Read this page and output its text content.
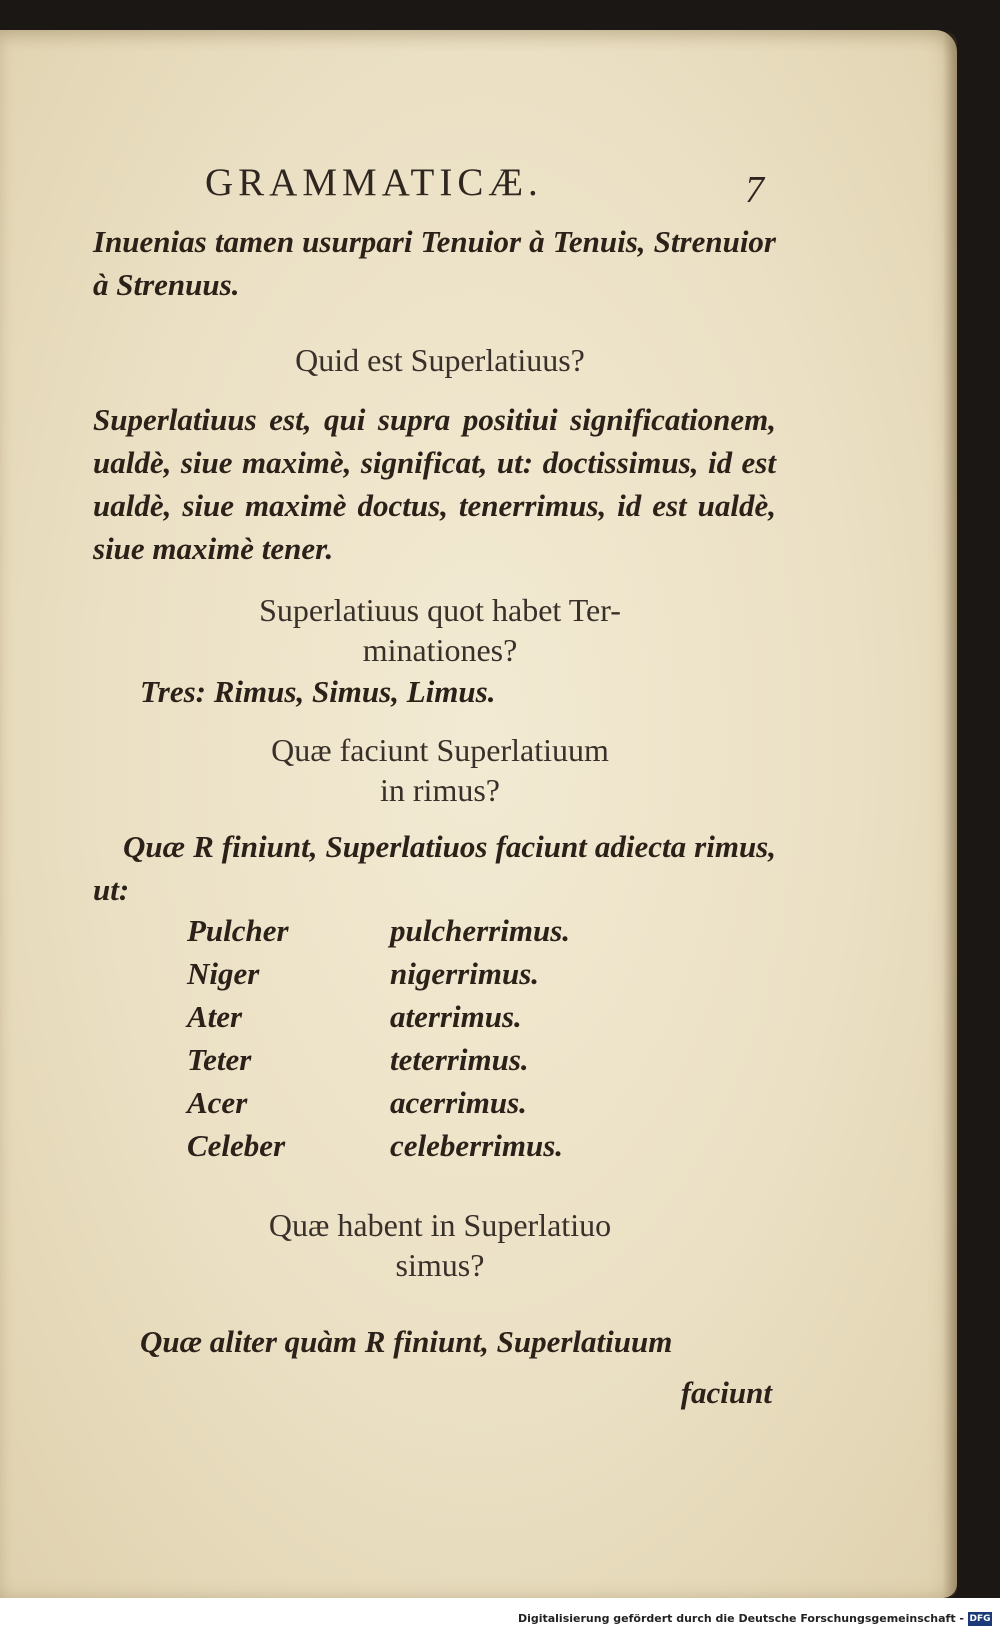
GRAMMATICÆ.	7
Inuenias tamen usurpari Tenuior à Tenuis, Strenuior à Strenuus.
Quid est Superlatiuus?
Superlatiuus est, qui supra positiui significationem, ualdè, siue maximè, significat, ut: doctissimus, id est ualdè, siue maximè doctus, tenerrimus, id est ualdè, siue maximè tener.
Superlatiuus quot habet Ter-
minationes?
Tres: Rimus, Simus, Limus.
Quæ faciunt Superlatiuum
in rimus?
Quæ R finiunt, Superlatiuos faciunt adiecta rimus, ut:
Pulcher	pulcherrimus.
Niger	nigerrimus.
Ater	aterrimus.
Teter	teterrimus.
Acer	acerrimus.
Celeber	celeberrimus.
Quæ habent in Superlatiuo
simus?
Quæ aliter quàm R finiunt, Superlatiuum
faciunt
Digitalisierung gefördert durch die Deutsche Forschungsgemeinschaft - DFG
